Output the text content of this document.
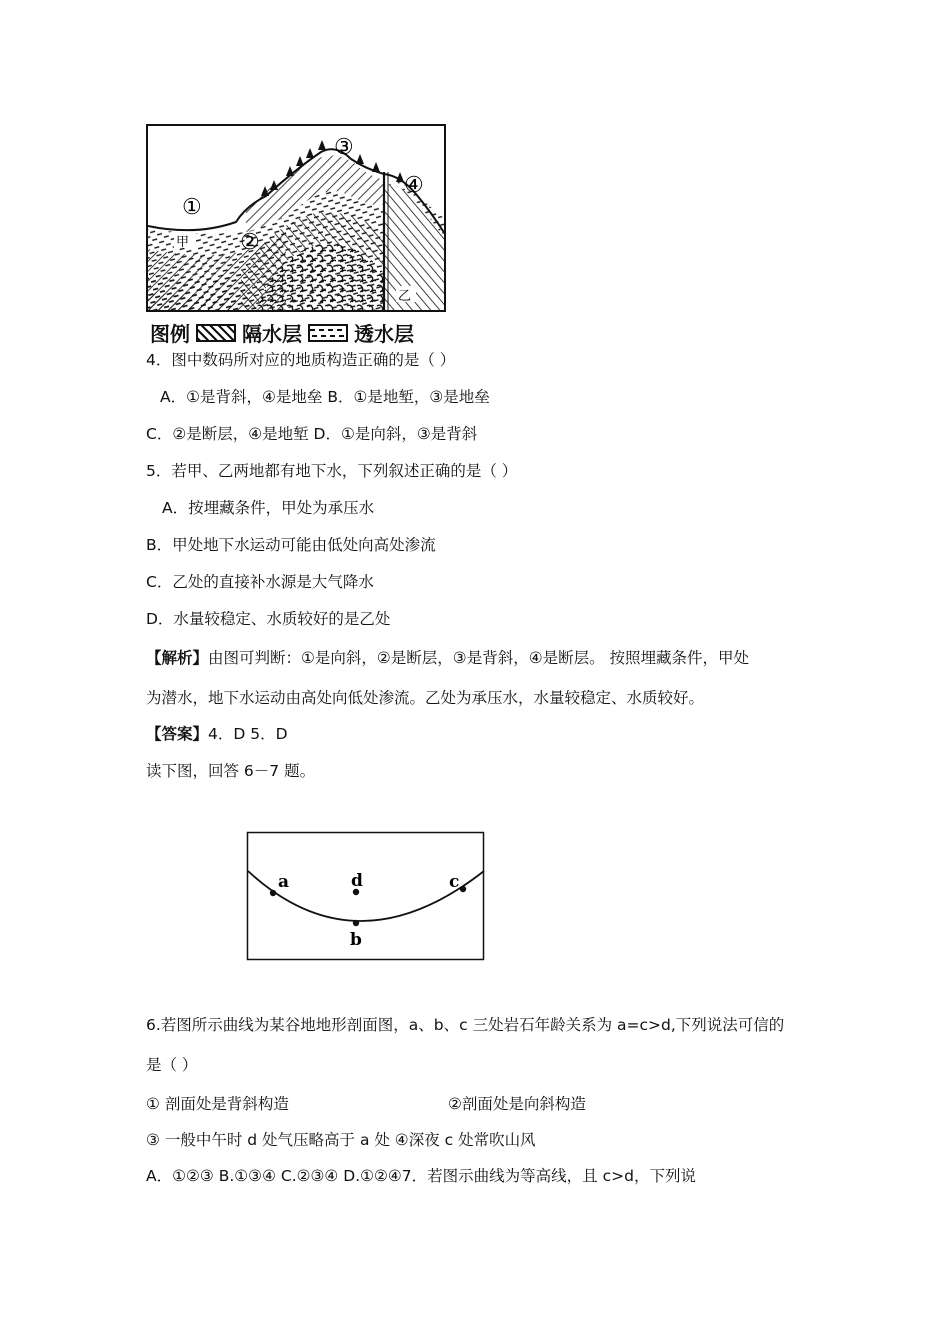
①
②
③
④
甲
乙
图例	隔水层	透水层
4．图中数码所对应的地质构造正确的是（ ）
A．①是背斜，④是地垒 B．①是地堑，③是地垒
C．②是断层，④是地堑 D．①是向斜，③是背斜
5．若甲、乙两地都有地下水，下列叙述正确的是（ ）
A．按埋藏条件，甲处为承压水
B．甲处地下水运动可能由低处向高处渗流
C．乙处的直接补水源是大气降水
D．水量较稳定、水质较好的是乙处
【解析】由图可判断：①是向斜，②是断层，③是背斜，④是断层。 按照埋藏条件，甲处
为潜水，地下水运动由高处向低处渗流。乙处为承压水，水量较稳定、水质较好。
【答案】4．D 5．D
读下图，回答 6－7 题。
a	d
b
c
6.若图所示曲线为某谷地地形剖面图，a、b、c 三处岩石年龄关系为 a=c>d,下列说法可信的
是（ ）
① 剖面处是背斜构造	②剖面处是向斜构造
③ 一般中午时 d 处气压略高于 a 处 ④深夜 c 处常吹山风
A．①②③ B.①③④ C.②③④ D.①②④7．若图示曲线为等高线，且 c>d，下列说
